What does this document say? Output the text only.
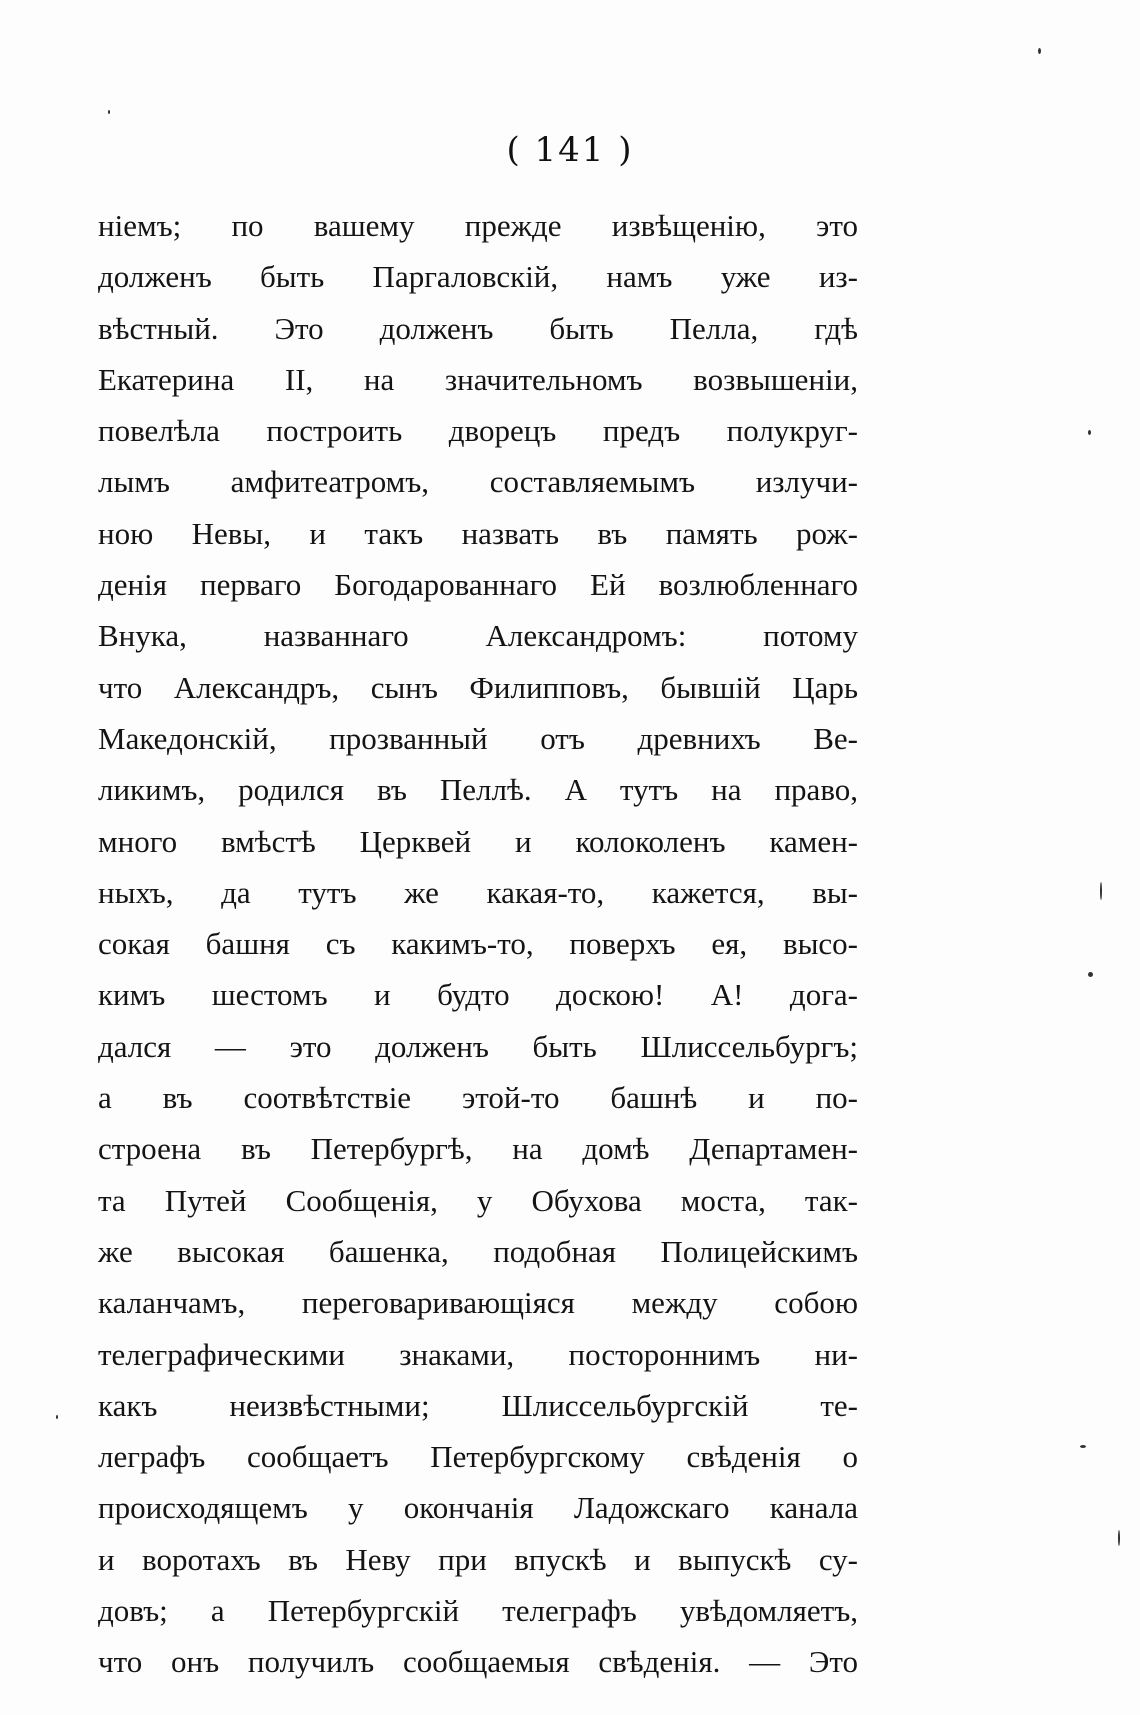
( 141 )
ніемъ; по вашему прежде извѣщенію, это
долженъ быть Паргаловскій, намъ уже из-
вѣстный. Это долженъ быть Пелла, гдѣ
Екатерина II, на значительномъ возвышеніи,
повелѣла построить дворецъ предъ полукруг-
лымъ амфитеатромъ, составляемымъ излучи-
ною Невы, и такъ назвать въ память рож-
денія перваго Богодарованнаго Ей возлюбленнаго
Внука, названнаго Александромъ: потому
что Александръ, сынъ Филипповъ, бывшій Царь
Македонскій, прозванный отъ древнихъ Ве-
ликимъ, родился въ Пеллѣ. А тутъ на право,
много вмѣстѣ Церквей и колоколенъ камен-
ныхъ, да тутъ же какая-то, кажется, вы-
сокая башня съ какимъ-то, поверхъ ея, высо-
кимъ шестомъ и будто доскою! А! дога-
дался — это долженъ быть Шлиссельбургъ;
а въ соотвѣтствіе этой-то башнѣ и по-
строена въ Петербургѣ, на домѣ Департамен-
та Путей Сообщенія, у Обухова моста, так-
же высокая башенка, подобная Полицейскимъ
каланчамъ, переговаривающіяся между собою
телеграфическими знаками, постороннимъ ни-
какъ неизвѣстными; Шлиссельбургскій те-
леграфъ сообщаетъ Петербургскому свѣденія о
происходящемъ у окончанія Ладожскаго канала
и воротахъ въ Неву при впускѣ и выпускѣ су-
довъ; а Петербургскій телеграфъ увѣдомляетъ,
что онъ получилъ сообщаемыя свѣденія. — Это
